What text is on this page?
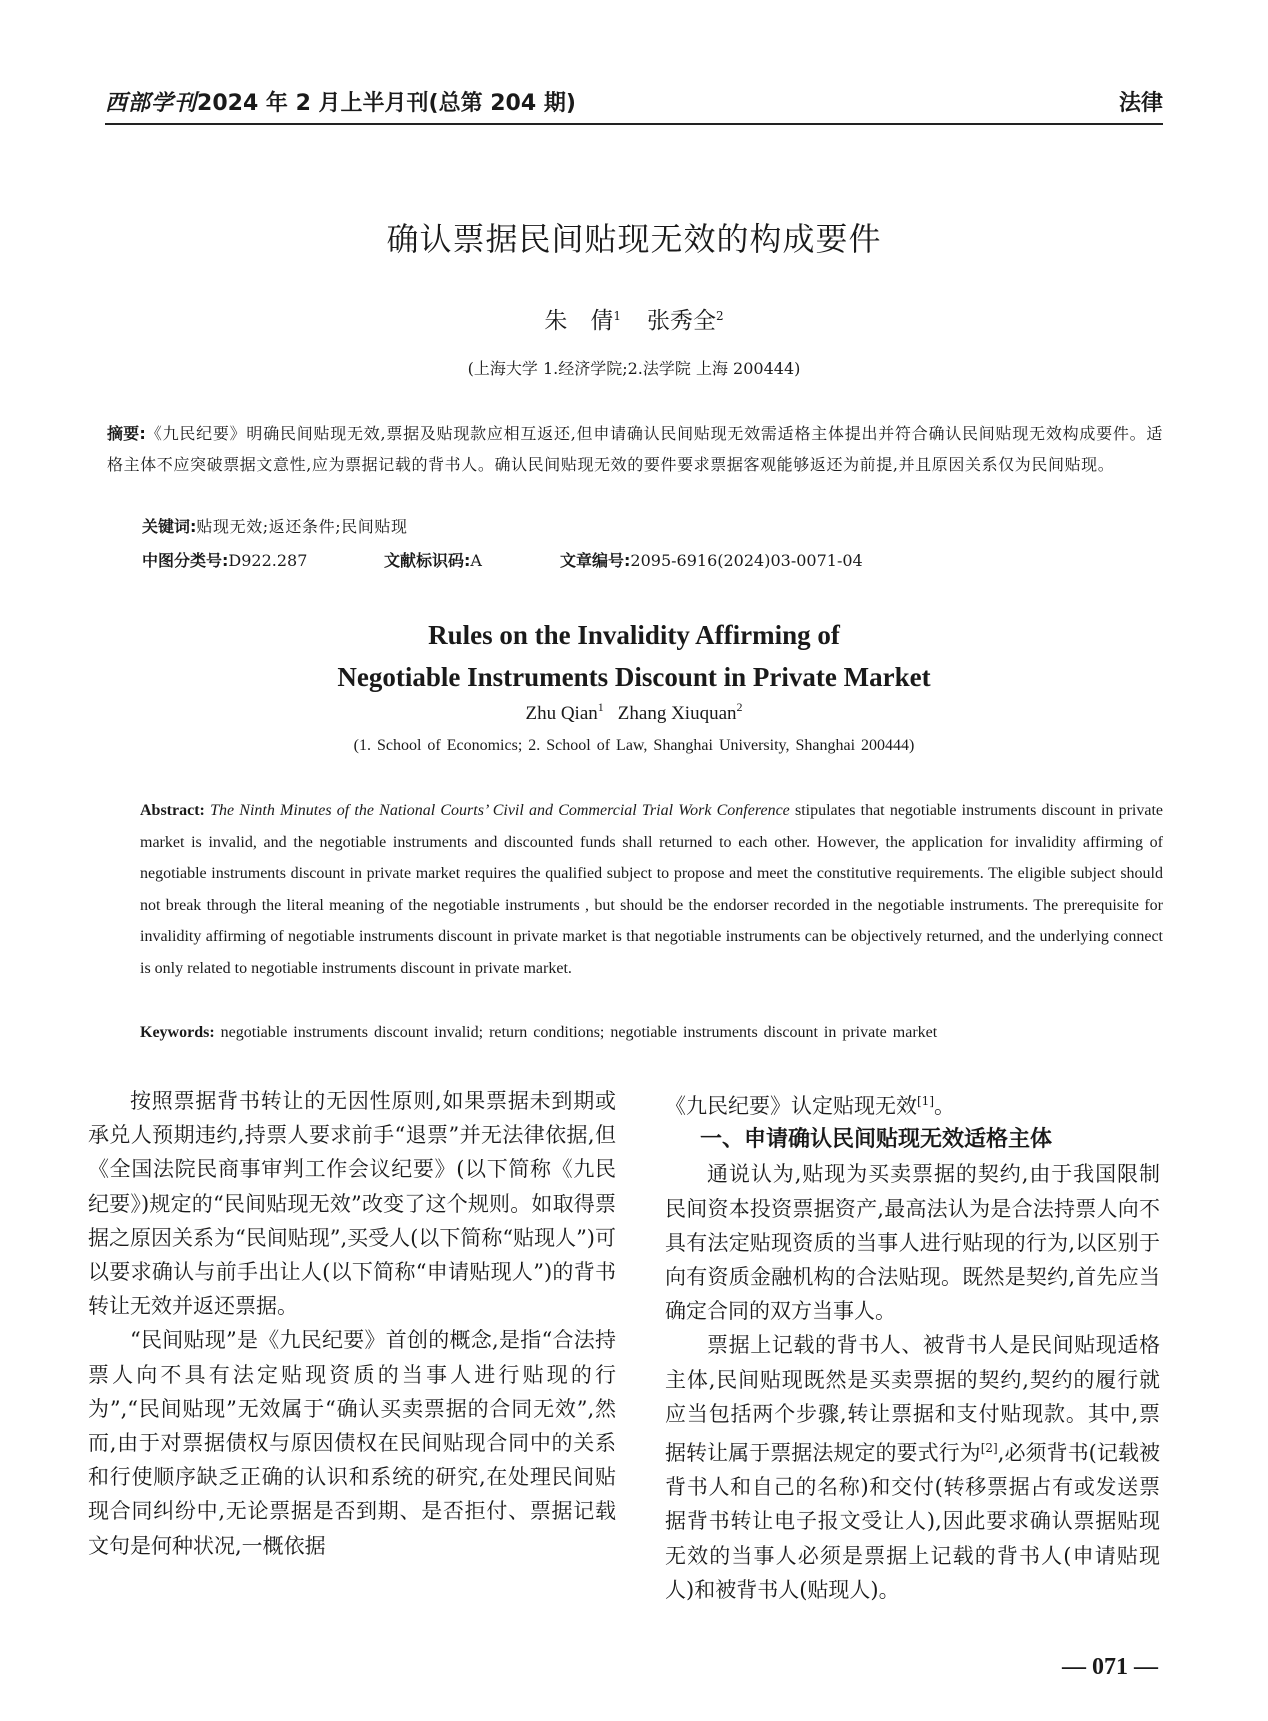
西部学刊2024 年 2 月上半月刊(总第 204 期)	法律
确认票据民间贴现无效的构成要件
朱　倩$^1$ 张秀全$^2$
(上海大学 1.经济学院;2.法学院 上海 200444)
摘要:《九民纪要》明确民间贴现无效,票据及贴现款应相互返还,但申请确认民间贴现无效需适格主体提出并符合确认民间贴现无效构成要件。适格主体不应突破票据文意性,应为票据记载的背书人。确认民间贴现无效的要件要求票据客观能够返还为前提,并且原因关系仅为民间贴现。
关键词:贴现无效;返还条件;民间贴现
中图分类号:D922.287	文献标识码:A	文章编号:2095-6916(2024)03-0071-04
Rules on the Invalidity Affirming of
Negotiable Instruments Discount in Private Market
Zhu Qian$^1$ Zhang Xiuquan$^2$
(1. School of Economics; 2. School of Law, Shanghai University, Shanghai 200444)
Abstract: The Ninth Minutes of the National Courts’ Civil and Commercial Trial Work Conference stipulates that negotiable instruments discount in private market is invalid, and the negotiable instruments and discounted funds shall returned to each other. However, the application for invalidity affirming of negotiable instruments discount in private market requires the qualified subject to propose and meet the constitutive requirements. The eligible subject should not break through the literal meaning of the negotiable instruments , but should be the endorser recorded in the negotiable instruments. The prerequisite for invalidity affirming of negotiable instruments discount in private market is that negotiable instruments can be objectively returned, and the underlying connect is only related to negotiable instruments discount in private market.
Keywords: negotiable instruments discount invalid; return conditions; negotiable instruments discount in private market

按照票据背书转让的无因性原则,如果票据未到期或承兑人预期违约,持票人要求前手“退票”并无法律依据,但《全国法院民商事审判工作会议纪要》(以下简称《九民纪要》)规定的“民间贴现无效”改变了这个规则。如取得票据之原因关系为“民间贴现”,买受人(以下简称“贴现人”)可以要求确认与前手出让人(以下简称“申请贴现人”)的背书转让无效并返还票据。

“民间贴现”是《九民纪要》首创的概念,是指“合法持票人向不具有法定贴现资质的当事人进行贴现的行为”,“民间贴现”无效属于“确认买卖票据的合同无效”,然而,由于对票据债权与原因债权在民间贴现合同中的关系和行使顺序缺乏正确的认识和系统的研究,在处理民间贴现合同纠纷中,无论票据是否到期、是否拒付、票据记载文句是何种状况,一概依据

《九民纪要》认定贴现无效[1]。

一、申请确认民间贴现无效适格主体

通说认为,贴现为买卖票据的契约,由于我国限制民间资本投资票据资产,最高法认为是合法持票人向不具有法定贴现资质的当事人进行贴现的行为,以区别于向有资质金融机构的合法贴现。既然是契约,首先应当确定合同的双方当事人。

票据上记载的背书人、被背书人是民间贴现适格主体,民间贴现既然是买卖票据的契约,契约的履行就应当包括两个步骤,转让票据和支付贴现款。其中,票据转让属于票据法规定的要式行为[2],必须背书(记载被背书人和自己的名称)和交付(转移票据占有或发送票据背书转让电子报文受让人),因此要求确认票据贴现无效的当事人必须是票据上记载的背书人(申请贴现人)和被背书人(贴现人)。

— 071 —
